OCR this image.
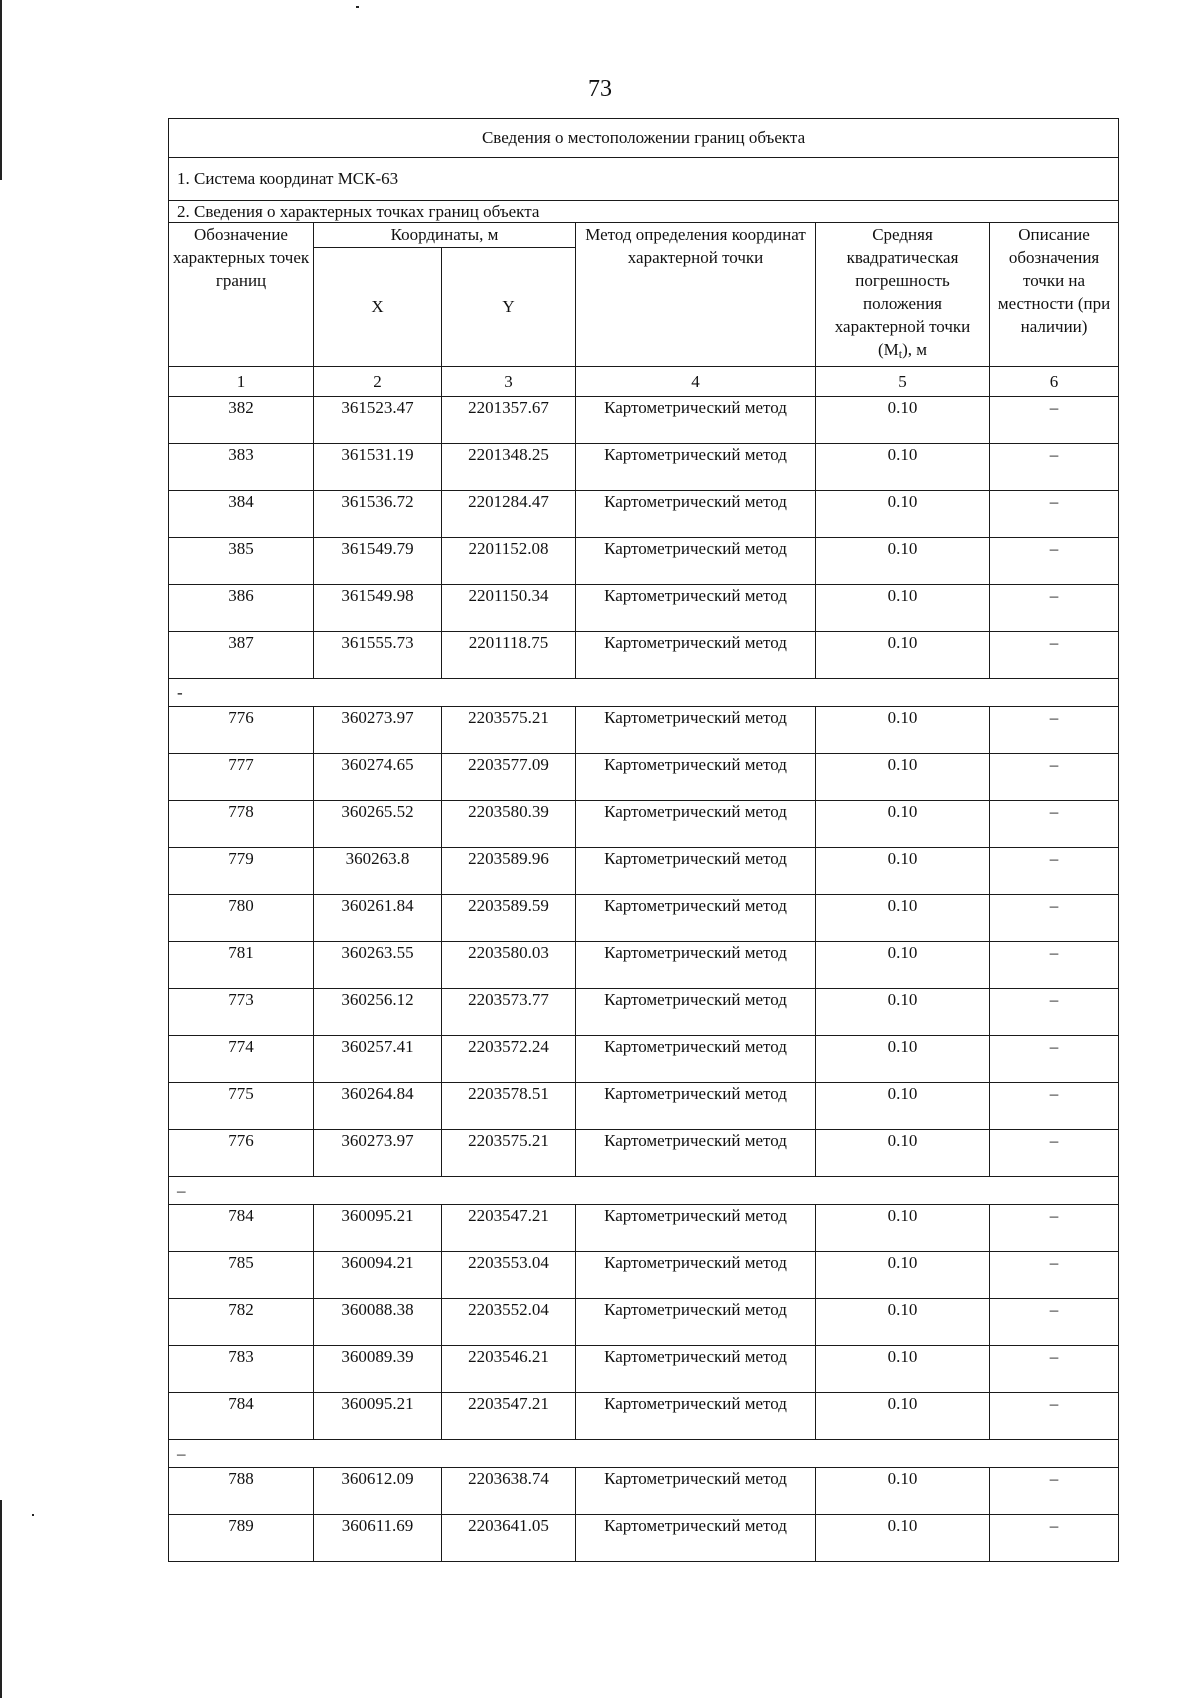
73
Сведения о местоположении границ объекта					
1. Система координат МСК-63					
2. Сведения о характерных точках границ объекта					
Обозначение характерных точек границ	Координаты, м		Метод определения координат характерной точки	Средняя квадратическая погрешность положения характерной точки $(M_t)$, м	Описание обозначения точки на местности (при наличии)
	X	Y			
1	2	3	4	5	6
382	361523.47	2201357.67	Картометрический метод	0.10	–
383	361531.19	2201348.25	Картометрический метод	0.10	–
384	361536.72	2201284.47	Картометрический метод	0.10	–
385	361549.79	2201152.08	Картометрический метод	0.10	–
386	361549.98	2201150.34	Картометрический метод	0.10	–
387	361555.73	2201118.75	Картометрический метод	0.10	–
-					
776	360273.97	2203575.21	Картометрический метод	0.10	–
777	360274.65	2203577.09	Картометрический метод	0.10	–
778	360265.52	2203580.39	Картометрический метод	0.10	–
779	360263.8	2203589.96	Картометрический метод	0.10	–
780	360261.84	2203589.59	Картометрический метод	0.10	–
781	360263.55	2203580.03	Картометрический метод	0.10	–
773	360256.12	2203573.77	Картометрический метод	0.10	–
774	360257.41	2203572.24	Картометрический метод	0.10	–
775	360264.84	2203578.51	Картометрический метод	0.10	–
776	360273.97	2203575.21	Картометрический метод	0.10	–
–					
784	360095.21	2203547.21	Картометрический метод	0.10	–
785	360094.21	2203553.04	Картометрический метод	0.10	–
782	360088.38	2203552.04	Картометрический метод	0.10	–
783	360089.39	2203546.21	Картометрический метод	0.10	–
784	360095.21	2203547.21	Картометрический метод	0.10	–
–					
788	360612.09	2203638.74	Картометрический метод	0.10	–
789	360611.69	2203641.05	Картометрический метод	0.10	–
